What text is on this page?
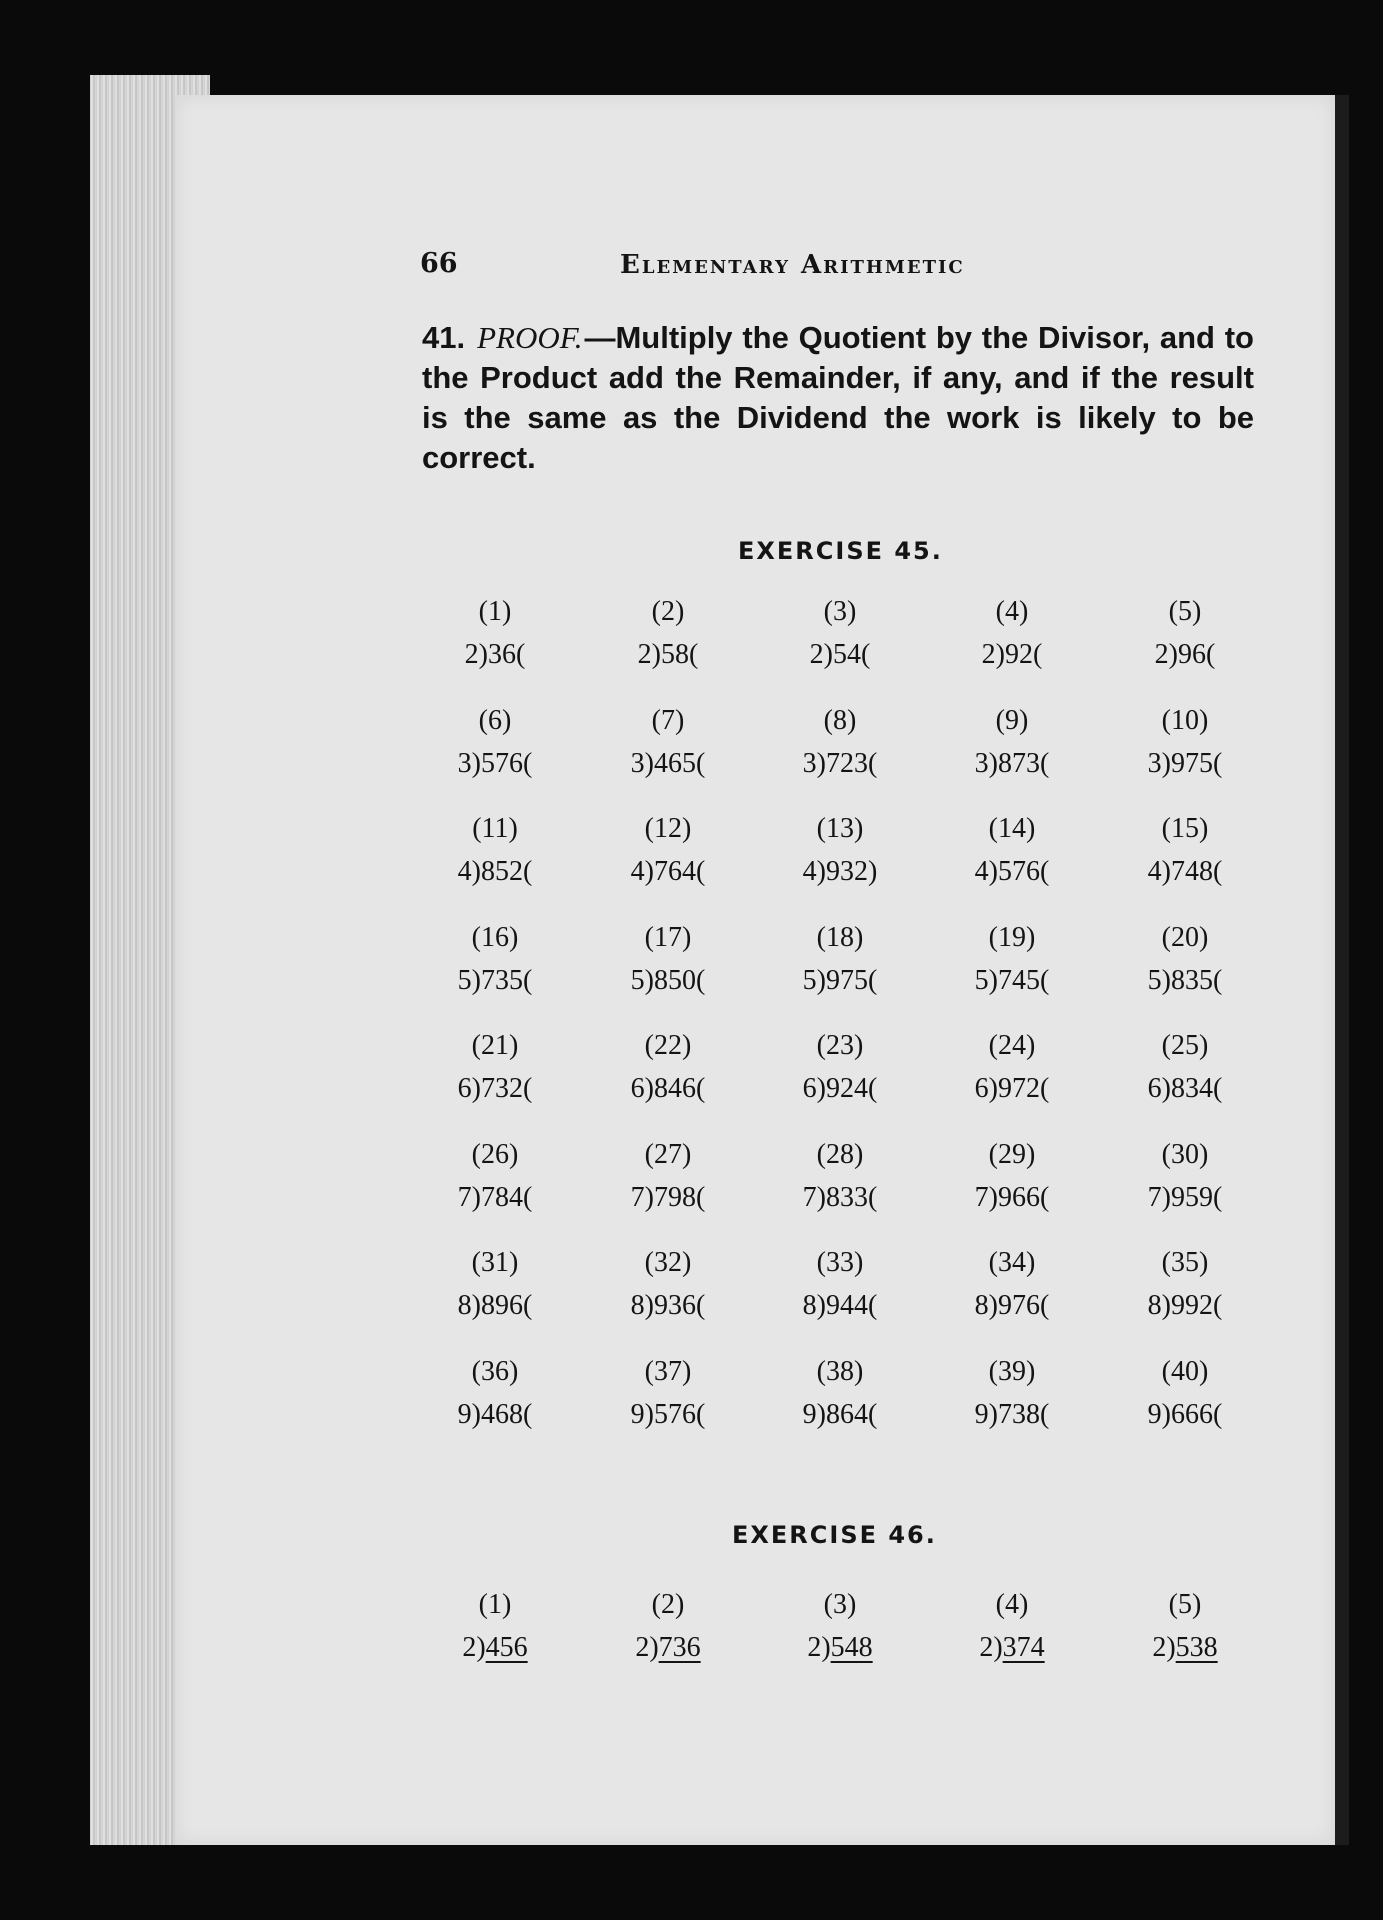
66	Elementary Arithmetic
41. PROOF.—Multiply the Quotient by the Divisor, and to the Product add the Remainder, if any, and if the result is the same as the Dividend the work is likely to be correct.
EXERCISE 45.
(1)
2)36(
(2)
2)58(
(3)
2)54(
(4)
2)92(
(5)
2)96(
(6)
3)576(
(7)
3)465(
(8)
3)723(
(9)
3)873(
(10)
3)975(
(11)
4)852(
(12)
4)764(
(13)
4)932)
(14)
4)576(
(15)
4)748(
(16)
5)735(
(17)
5)850(
(18)
5)975(
(19)
5)745(
(20)
5)835(
(21)
6)732(
(22)
6)846(
(23)
6)924(
(24)
6)972(
(25)
6)834(
(26)
7)784(
(27)
7)798(
(28)
7)833(
(29)
7)966(
(30)
7)959(
(31)
8)896(
(32)
8)936(
(33)
8)944(
(34)
8)976(
(35)
8)992(
(36)
9)468(
(37)
9)576(
(38)
9)864(
(39)
9)738(
(40)
9)666(
EXERCISE 46.
(1)
2)456
(2)
2)736
(3)
2)548
(4)
2)374
(5)
2)538
